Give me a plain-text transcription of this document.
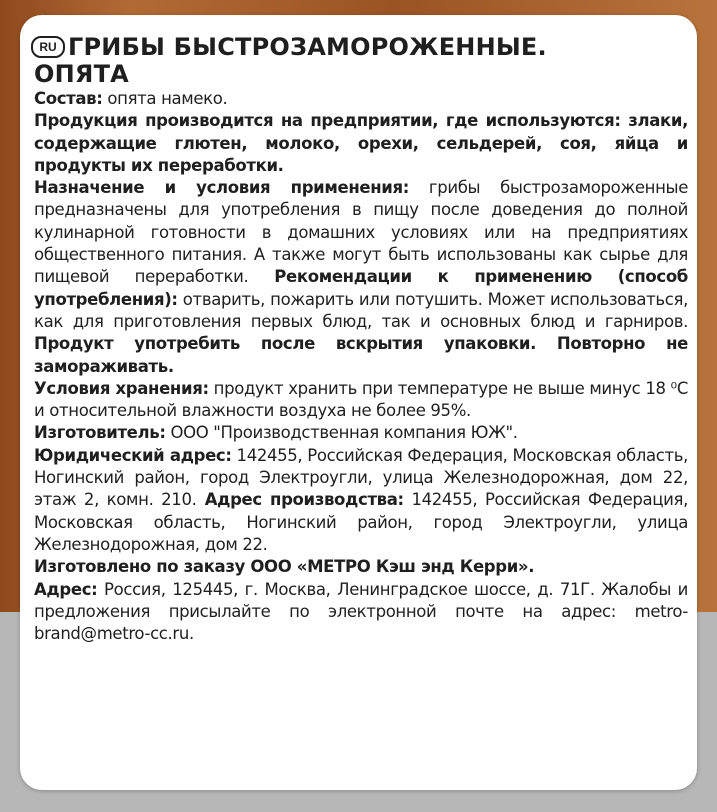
RU ГРИБЫ БЫСТРОЗАМОРОЖЕННЫЕ.
ОПЯТА

Состав: опята намеко.

Продукция производится на предприятии, где используются: злаки, содержащие глютен, молоко, орехи, сельдерей, соя, яйца и продукты их переработки.

Назначение и условия применения: грибы быстрозамороженные предназначены для употребления в пищу после доведения до полной кулинарной готовности в домашних условиях или на предприятиях общественного питания. А также могут быть использованы как сырье для пищевой переработки. Рекомендации к применению (способ употребления): отварить, пожарить или потушить. Может использоваться, как для приготовления первых блюд, так и основных блюд и гарниров. Продукт употребить после вскрытия упаковки. Повторно не замораживать.

Условия хранения: продукт хранить при температуре не выше минус 18 ⁰С и относительной влажности воздуха не более 95%.

Изготовитель: ООО "Производственная компания ЮЖ".

Юридический адрес: 142455, Российская Федерация, Московская область, Ногинский район, город Электроугли, улица Железнодорожная, дом 22, этаж 2, комн. 210. Адрес производства: 142455, Российская Федерация, Московская область, Ногинский район, город Электроугли, улица Железнодорожная, дом 22.

Изготовлено по заказу ООО «МЕТРО Кэш энд Керри».

Адрес: Россия, 125445, г. Москва, Ленинградское шоссе, д. 71Г. Жалобы и предложения присылайте по электронной почте на адрес: metro-brand@metro-cc.ru.
